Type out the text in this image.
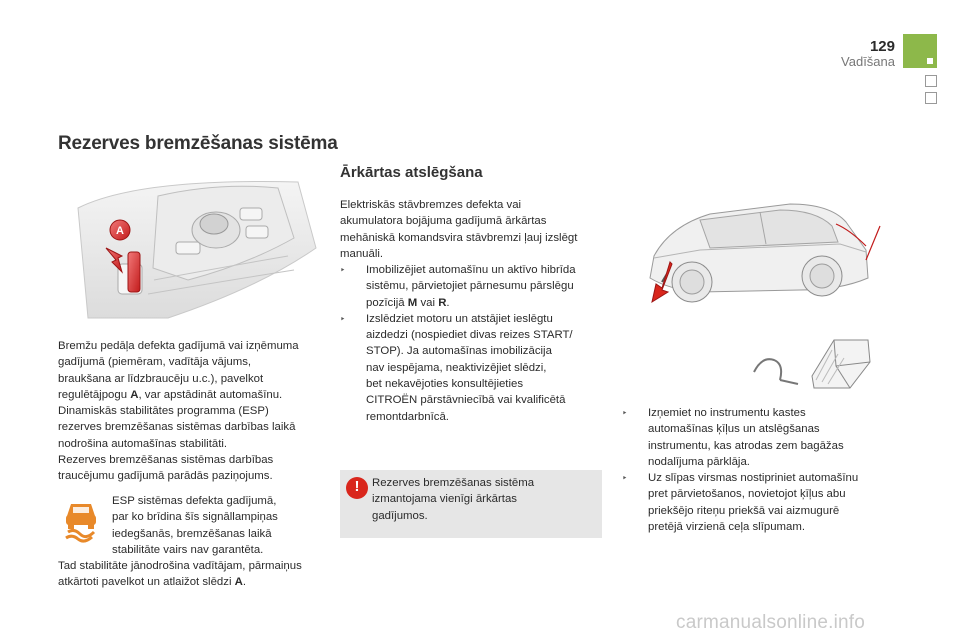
129
Vadīšana
Rezerves bremzēšanas sistēma
A
Bremžu pedāļa defekta gadījumā vai izņēmuma
gadījumā (piemēram, vadītāja vājums,
braukšana ar līdzbraucēju u.c.), pavelkot
regulētājpogu A, var apstādināt automašīnu.
Dinamiskās stabilitātes programma (ESP)
rezerves bremzēšanas sistēmas darbības laikā
nodrošina automašīnas stabilitāti.
Rezerves bremzēšanas sistēmas darbības
traucējumu gadījumā parādās paziņojums.
ESP sistēmas defekta gadījumā,
par ko brīdina šīs signāllampiņas
iedegšanās, bremzēšanas laikā
stabilitāte vairs nav garantēta.
Tad stabilitāte jānodrošina vadītājam, pārmaiņus
atkārtoti pavelkot un atlaižot slēdzi A.
Ārkārtas atslēgšana
Elektriskās stāvbremzes defekta vai
akumulatora bojājuma gadījumā ārkārtas
mehāniskā komandsvira stāvbremzi ļauj izslēgt
manuāli.
‣ Imobilizējiet automašīnu un aktīvo hibrīda
sistēmu, pārvietojiet pārnesumu pārslēgu
pozīcijā M vai R.
‣ Izslēdziet motoru un atstājiet ieslēgtu
aizdedzi (nospiediet divas reizes START/
STOP). Ja automašīnas imobilizācija
nav iespējama, neaktivizējiet slēdzi,
bet nekavējoties konsultējieties
CITROËN pārstāvniecībā vai kvalificētā
remontdarbnīcā.
!	Rezerves bremzēšanas sistēma
izmantojama vienīgi ārkārtas
gadījumos.
‣ Izņemiet no instrumentu kastes
automašīnas ķīļus un atslēgšanas
instrumentu, kas atrodas zem bagāžas
nodalījuma pārklāja.
‣ Uz slīpas virsmas nostipriniet automašīnu
pret pārvietošanos, novietojot ķīļus abu
priekšējo riteņu priekšā vai aizmugurē
pretējā virzienā ceļa slīpumam.
carmanualsonline.info
